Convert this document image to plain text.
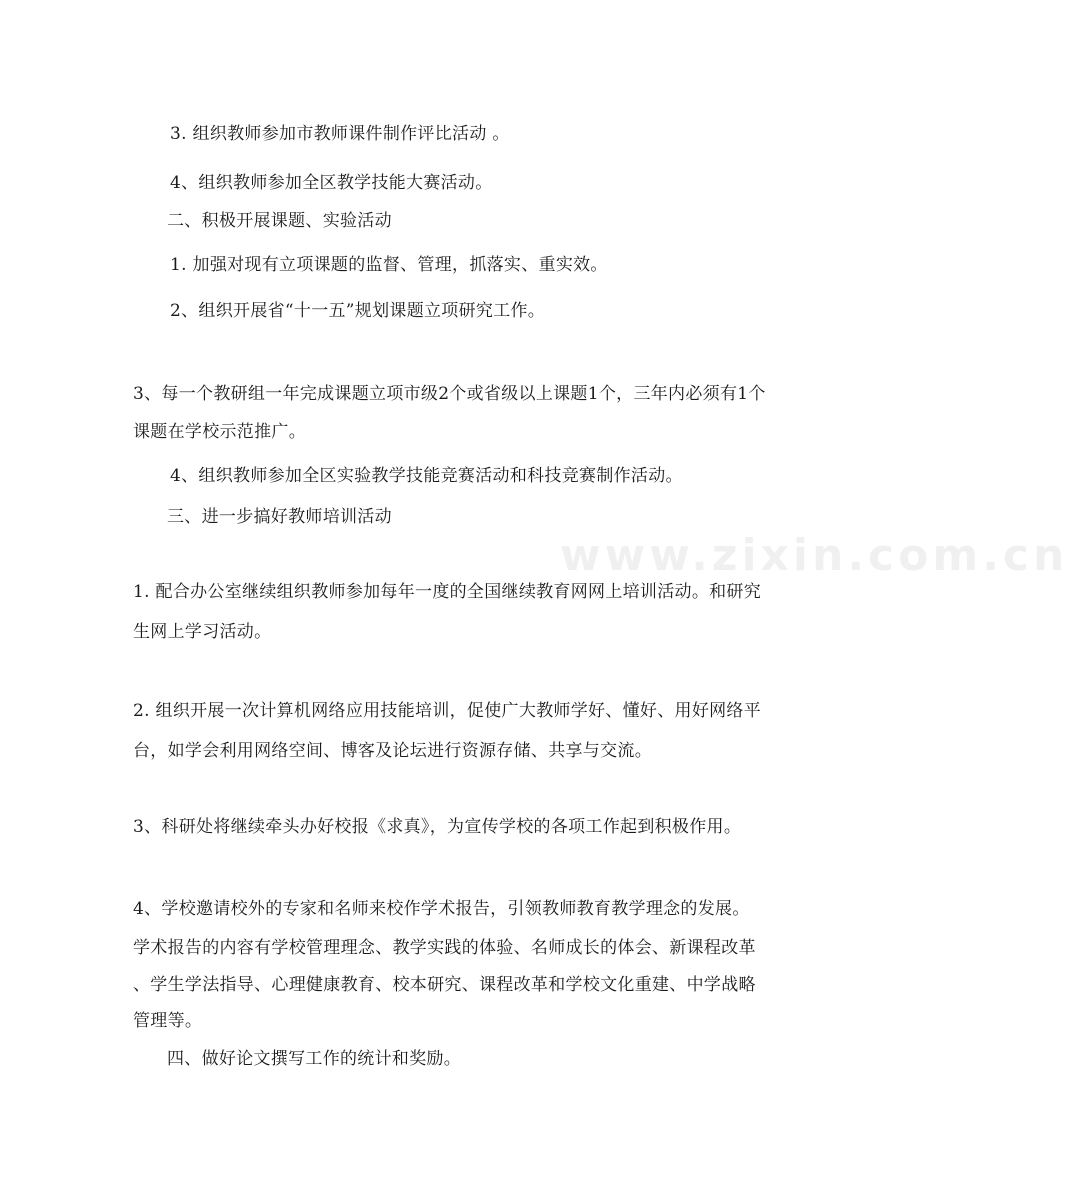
www.zixin.com.cn

3. 组织教师参加市教师课件制作评比活动 。

4、组织教师参加全区教学技能大赛活动。

二、积极开展课题、实验活动

1. 加强对现有立项课题的监督、管理，抓落实、重实效。

2、组织开展省“十一五”规划课题立项研究工作。

3、每一个教研组一年完成课题立项市级2个或省级以上课题1个，三年内必须有1个

课题在学校示范推广。

4、组织教师参加全区实验教学技能竞赛活动和科技竞赛制作活动。

三、进一步搞好教师培训活动

1. 配合办公室继续组织教师参加每年一度的全国继续教育网网上培训活动。和研究

生网上学习活动。

2. 组织开展一次计算机网络应用技能培训，促使广大教师学好、懂好、用好网络平

台，如学会利用网络空间、博客及论坛进行资源存储、共享与交流。

3、科研处将继续牵头办好校报《求真》，为宣传学校的各项工作起到积极作用。

4、学校邀请校外的专家和名师来校作学术报告，引领教师教育教学理念的发展。

学术报告的内容有学校管理理念、教学实践的体验、名师成长的体会、新课程改革

、学生学法指导、心理健康教育、校本研究、课程改革和学校文化重建、中学战略

管理等。

四、做好论文撰写工作的统计和奖励。
